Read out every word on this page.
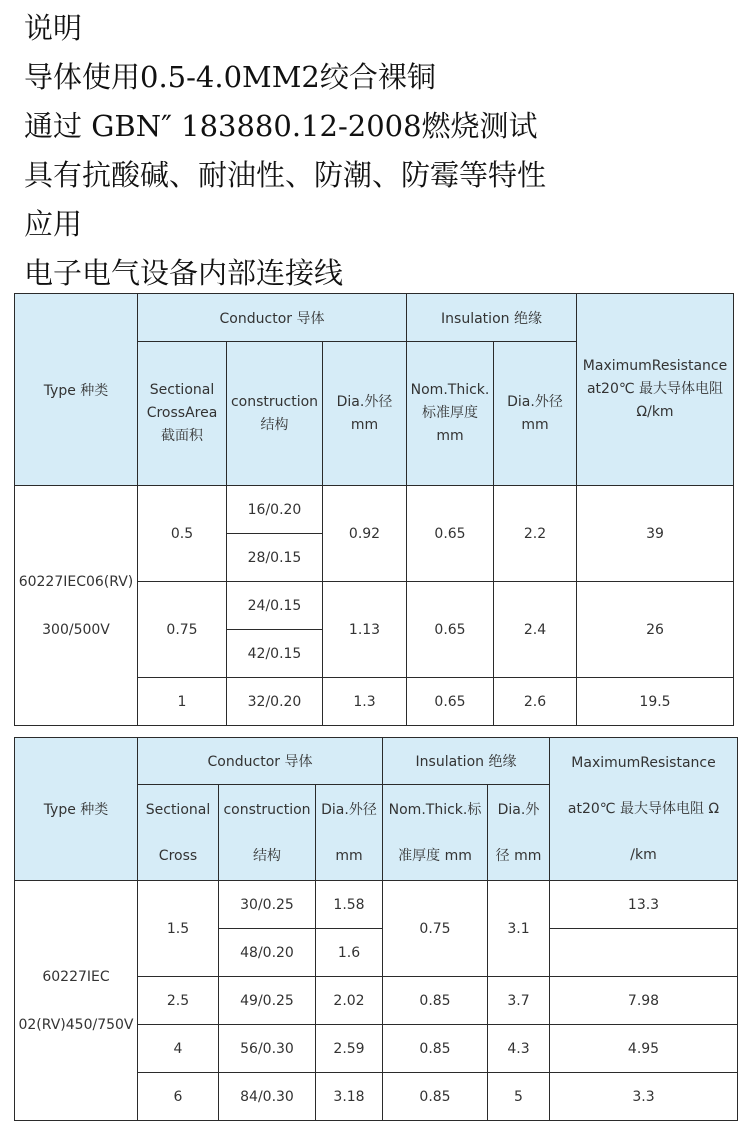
说明
导体使用0.5-4.0MM2绞合裸铜
通过 GBN″ 183880.12-2008燃烧测试
具有抗酸碱、耐油性、防潮、防霉等特性
应用
电子电气设备内部连接线
Type 种类	Conductor 导体			Insulation 绝缘		MaximumResistance
at20℃ 最大导体电阻
Ω/km

	Sectional
CrossArea
截面积	construction
结构	Dia.外径
mm	Nom.Thick.
标准厚度
mm	Dia.外径
mm	

60227IEC06(RV)
300/500V	0.5	16/0.20	0.92	0.65	2.2	39
		28/0.15				
	0.75	24/0.15	1.13	0.65	2.4	26
		42/0.15				
	1	32/0.20	1.3	0.65	2.6	19.5
Type 种类	Conductor 导体			Insulation 绝缘		MaximumResistance
at20℃ 最大导体电阻 Ω
/km

	Sectional
Cross	construction
结构	Dia.外径
mm	Nom.Thick.标
准厚度 mm	Dia.外
径 mm	

60227IEC
02(RV)450/750V	1.5	30/0.25	1.58	0.75	3.1	13.3
		48/0.20	1.6			
	2.5	49/0.25	2.02	0.85	3.7	7.98
	4	56/0.30	2.59	0.85	4.3	4.95
	6	84/0.30	3.18	0.85	5	3.3
